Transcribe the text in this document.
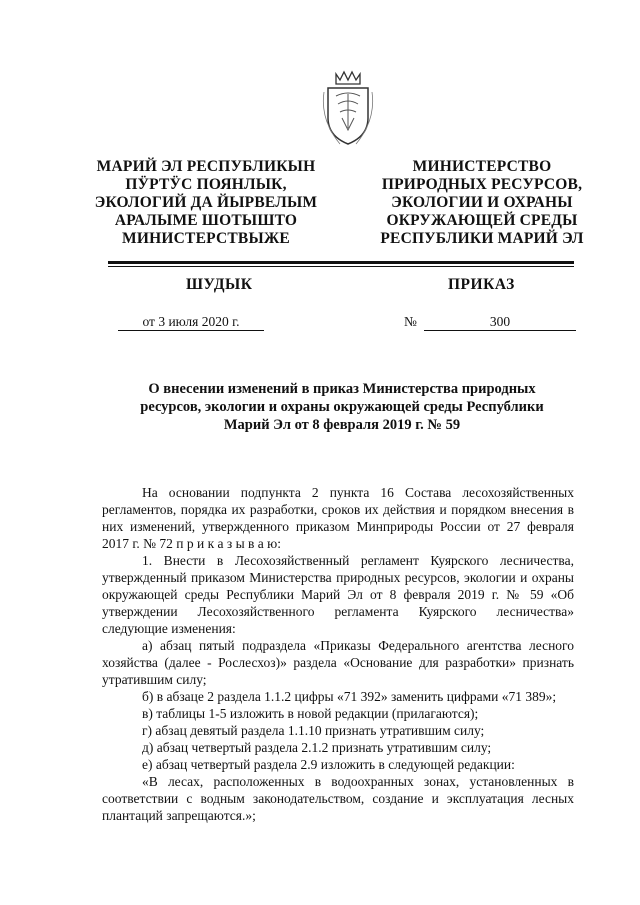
МАРИЙ ЭЛ РЕСПУБЛИКЫН
ПӰРТӰС ПОЯНЛЫК,
ЭКОЛОГИЙ ДА ЙЫРВЕЛЫМ
АРАЛЫМЕ ШОТЫШТО
МИНИСТЕРСТВЫЖЕ
МИНИСТЕРСТВО
ПРИРОДНЫХ РЕСУРСОВ,
ЭКОЛОГИИ И ОХРАНЫ
ОКРУЖАЮЩЕЙ СРЕДЫ
РЕСПУБЛИКИ МАРИЙ ЭЛ
ШУДЫК	ПРИКАЗ
от 3 июля 2020 г.	№	300
О внесении изменений в приказ Министерства природных
ресурсов, экологии и охраны окружающей среды Республики
Марий Эл от 8 февраля 2019 г. № 59

На основании подпункта 2 пункта 16 Состава лесохозяйственных регламентов, порядка их разработки, сроков их действия и порядком внесения в них изменений, утвержденного приказом Минприроды России от 27 февраля 2017 г. № 72 п р и к а з ы в а ю:

1. Внести в Лесохозяйственный регламент Куярского лесничества, утвержденный приказом Министерства природных ресурсов, экологии и охраны окружающей среды Республики Марий Эл от 8 февраля 2019 г. № 59 «Об утверждении Лесохозяйственного регламента Куярского лесничества» следующие изменения:

а) абзац пятый подраздела «Приказы Федерального агентства лесного хозяйства (далее - Рослесхоз)» раздела «Основание для разработки» признать утратившим силу;

б) в абзаце 2 раздела 1.1.2 цифры «71 392» заменить цифрами «71 389»;

в) таблицы 1-5 изложить в новой редакции (прилагаются);

г) абзац девятый раздела 1.1.10 признать утратившим силу;

д) абзац четвертый раздела 2.1.2 признать утратившим силу;

е) абзац четвертый раздела 2.9 изложить в следующей редакции:

«В лесах, расположенных в водоохранных зонах, установленных в соответствии с водным законодательством, создание и эксплуатация лесных плантаций запрещаются.»;
